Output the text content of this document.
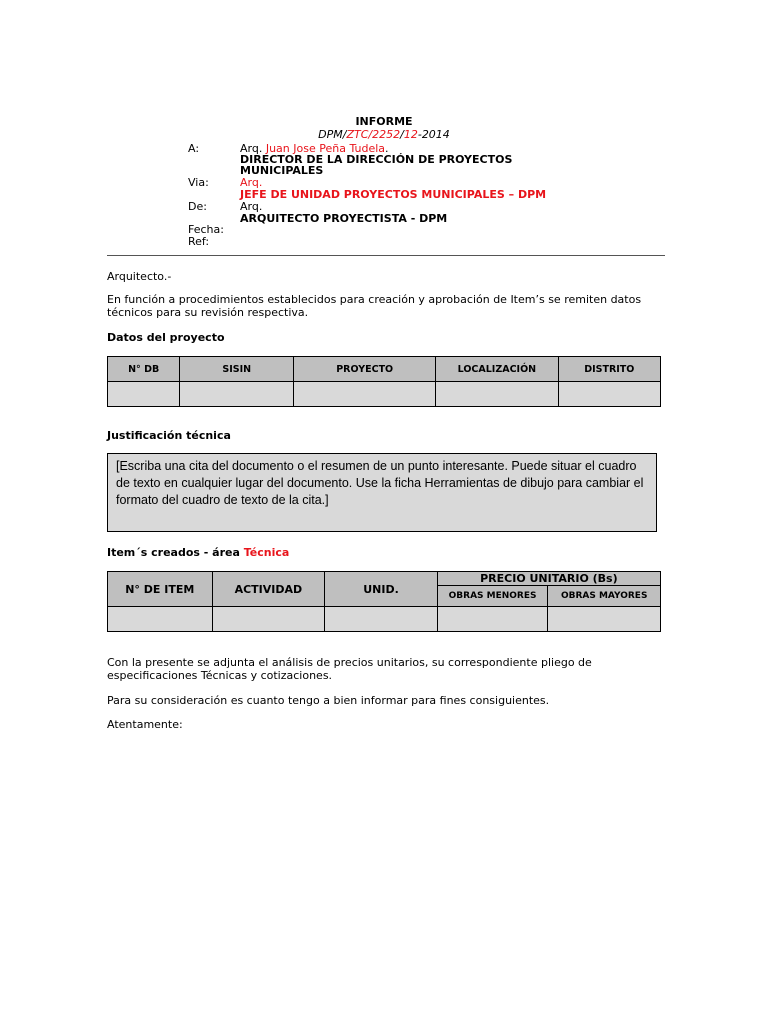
INFORME
DPM/ZTC/2252/12-2014
A:	Arq. Juan Jose Peña Tudela.
DIRECTOR DE LA DIRECCIÓN DE PROYECTOS MUNICIPALES
Via:	Arq.
JEFE DE UNIDAD PROYECTOS MUNICIPALES – DPM
De:	Arq.
ARQUITECTO PROYECTISTA - DPM
Fecha:
Ref:
Arquitecto.-
En función a procedimientos establecidos para creación y aprobación de Item’s se remiten datos técnicos para su revisión respectiva.
Datos del proyecto
N° DB	SISIN	PROYECTO	LOCALIZACIÓN	DISTRITO

Justificación técnica
[Escriba una cita del documento o el resumen de un punto interesante. Puede situar el cuadro de texto en cualquier lugar del documento. Use la ficha Herramientas de dibujo para cambiar el formato del cuadro de texto de la cita.]
Item´s creados - área Técnica
N° DE ITEM	ACTIVIDAD	UNID.	PRECIO UNITARIO (Bs)	
			OBRAS MENORES	OBRAS MAYORES

Con la presente se adjunta el análisis de precios unitarios, su correspondiente pliego de especificaciones Técnicas y cotizaciones.
Para su consideración es cuanto tengo a bien informar para fines consiguientes.
Atentamente:
